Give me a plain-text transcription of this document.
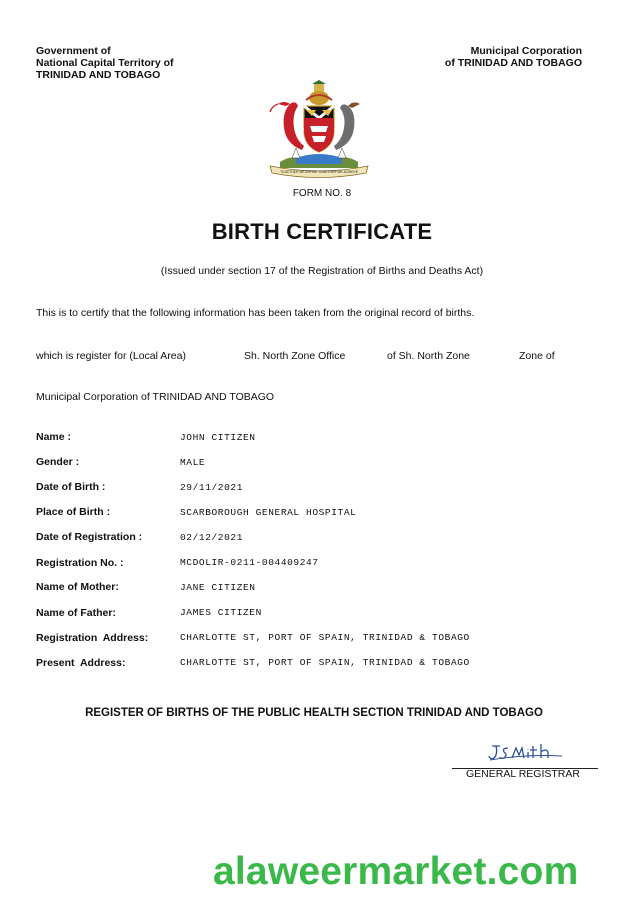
Government of
National Capital Territory of
TRINIDAD AND TOBAGO
Municipal Corporation
of TRINIDAD AND TOBAGO
TOGETHER WE ASPIRE TOGETHER WE ACHIEVE
FORM NO. 8
BIRTH CERTIFICATE
(Issued under section 17 of the Registration of Births and Deaths Act)
This is to certify that the following information has been taken from the original record of births.
which is register for (Local Area)	Sh. North Zone Office	of Sh. North Zone	Zone of
Municipal Corporation of TRINIDAD AND TOBAGO
Name :	JOHN CITIZEN
Gender :	MALE
Date of Birth :	29/11/2021
Place of Birth :	SCARBOROUGH GENERAL HOSPITAL
Date of Registration :	02/12/2021
Registration No. :	MCDOLIR-0211-004409247
Name of Mother:	JANE CITIZEN
Name of Father:	JAMES CITIZEN
Registration  Address:	CHARLOTTE ST, PORT OF SPAIN, TRINIDAD & TOBAGO
Present  Address:	CHARLOTTE ST, PORT OF SPAIN, TRINIDAD & TOBAGO
REGISTER OF BIRTHS OF THE PUBLIC HEALTH SECTION TRINIDAD AND TOBAGO
GENERAL REGISTRAR
alaweermarket.com
